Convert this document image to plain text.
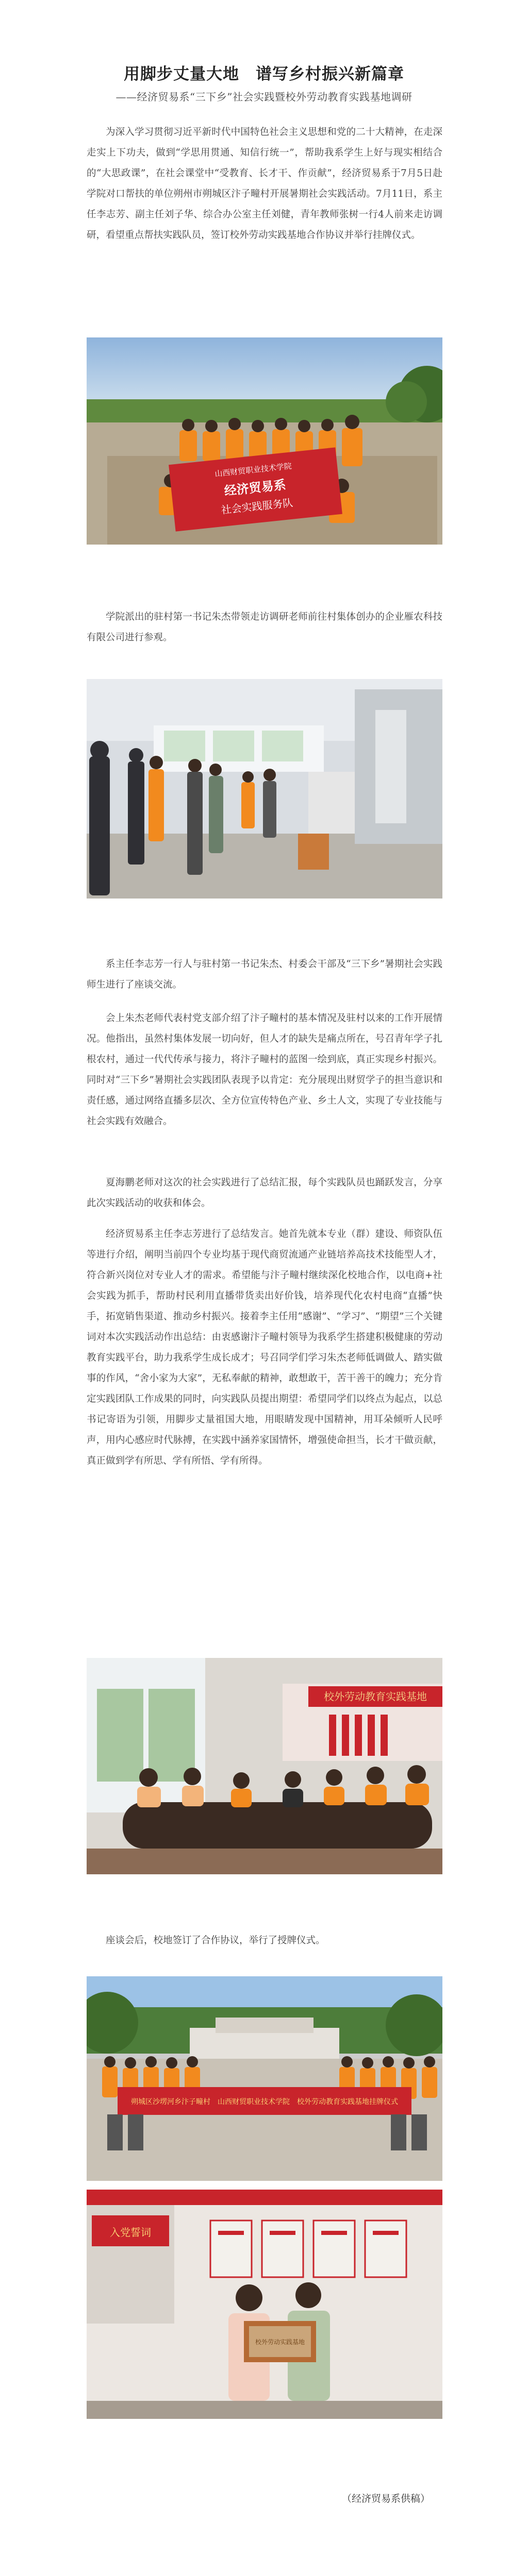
用脚步丈量大地　谱写乡村振兴新篇章
——经济贸易系“三下乡”社会实践暨校外劳动教育实践基地调研

为深入学习贯彻习近平新时代中国特色社会主义思想和党的二十大精神，在走深走实上下功夫，做到“学思用贯通、知信行统一”，帮助我系学生上好与现实相结合的“大思政课”，在社会课堂中“受教育、长才干、作贡献”，经济贸易系于7月5日赴学院对口帮扶的单位朔州市朔城区汴子疃村开展暑期社会实践活动。7月11日，系主任李志芳、副主任刘子华、综合办公室主任刘健，青年教师张树一行4人前来走访调研，看望重点帮扶实践队员，签订校外劳动实践基地合作协议并举行挂牌仪式。

山西财贸职业技术学院
经济贸易系
社会实践服务队

学院派出的驻村第一书记朱杰带领走访调研老师前往村集体创办的企业雁农科技有限公司进行参观。

系主任李志芳一行人与驻村第一书记朱杰、村委会干部及“三下乡”暑期社会实践师生进行了座谈交流。

会上朱杰老师代表村党支部介绍了汴子疃村的基本情况及驻村以来的工作开展情况。他指出，虽然村集体发展一切向好，但人才的缺失是痛点所在，号召青年学子扎根农村，通过一代代传承与接力，将汴子疃村的蓝图一绘到底，真正实现乡村振兴。同时对“三下乡”暑期社会实践团队表现予以肯定：充分展现出财贸学子的担当意识和责任感，通过网络直播多层次、全方位宣传特色产业、乡土人文，实现了专业技能与社会实践有效融合。

夏海鹏老师对这次的社会实践进行了总结汇报，每个实践队员也踊跃发言，分享此次实践活动的收获和体会。

经济贸易系主任李志芳进行了总结发言。她首先就本专业（群）建设、师资队伍等进行介绍，阐明当前四个专业均基于现代商贸流通产业链培养高技术技能型人才，符合新兴岗位对专业人才的需求。希望能与汴子疃村继续深化校地合作，以电商+社会实践为抓手，帮助村民利用直播带货卖出好价钱，培养现代化农村电商“直播”快手，拓宽销售渠道、推动乡村振兴。接着李主任用“感谢”、“学习”、“期望”三个关键词对本次实践活动作出总结：由衷感谢汴子疃村领导为我系学生搭建积极健康的劳动教育实践平台，助力我系学生成长成才；号召同学们学习朱杰老师低调做人、踏实做事的作风，“舍小家为大家”，无私奉献的精神，敢想敢干，苦干善干的魄力；充分肯定实践团队工作成果的同时，向实践队员提出期望：希望同学们以终点为起点，以总书记寄语为引领，用脚步丈量祖国大地，用眼睛发现中国精神，用耳朵倾听人民呼声，用内心感应时代脉搏，在实践中涵养家国情怀，增强使命担当，长才干做贡献，真正做到学有所思、学有所悟、学有所得。

校外劳动教育实践基地

座谈会后，校地签订了合作协议，举行了授牌仪式。

朔城区沙塄河乡汴子疃村　山西财贸职业技术学院　校外劳动教育实践基地挂牌仪式
入党誓词
校外劳动实践基地
（经济贸易系供稿）
